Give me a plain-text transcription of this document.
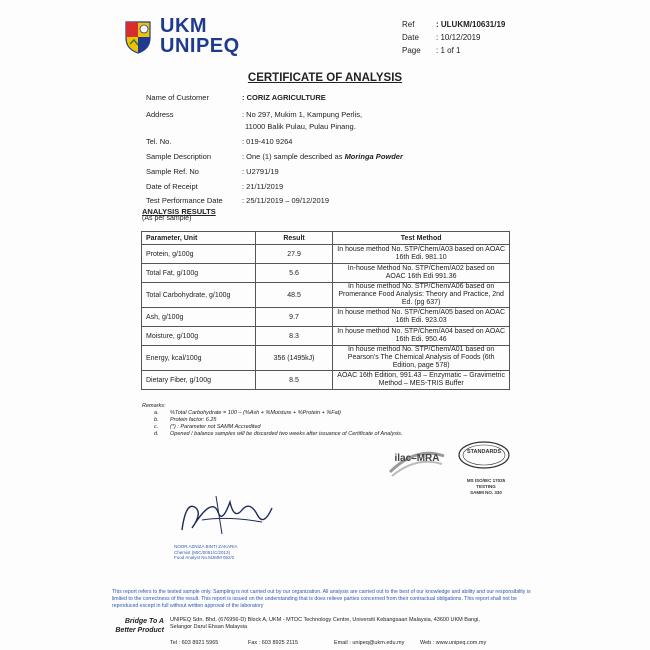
UKM
UNIPEQ
Ref	: ULUKM/10631/19
Date	: 10/12/2019
Page	: 1 of 1
CERTIFICATE OF ANALYSIS
Name of Customer	: CORIZ AGRICULTURE
Address	: No 297, Mukim 1, Kampung Perlis,
11000 Balik Pulau, Pulau Pinang.
Tel. No.	: 019-410 9264
Sample Description	: One (1) sample described as Moringa Powder
Sample Ref. No	: U2791/19
Date of Receipt	: 21/11/2019
Test Performance Date	: 25/11/2019 – 09/12/2019
ANALYSIS RESULTS
(As per sample)
Parameter, Unit	Result	Test Method
Protein, g/100g	27.9	In house method No. STP/Chem/A03 based on AOAC 16th Edi. 981.10
Total Fat, g/100g	5.6	In-house Method No. STP/Chem/A02 based on AOAC 16th Edi 991.36
Total Carbohydrate, g/100g	48.5	In house method No. STP/Chem/A06 based on Promerance Food Analysis: Theory and Practice, 2nd Ed. (pg 637)
Ash, g/100g	9.7	In house method No. STP/Chem/A05 based on AOAC 16th Edi. 923.03
Moisture, g/100g	8.3	In house method No. STP/Chem/A04 based on AOAC 16th Edi. 950.46
Energy, kcal/100g	356 (1495kJ)	In house method No. STP/Chem/A01 based on Pearson's The Chemical Analysis of Foods (6th Edition, page 578)
Dietary Fiber, g/100g	8.5	AOAC 16th Edition, 991.43 – Enzymatic – Gravimetric Method – MES-TRIS Buffer
Remarks:
a.	%Total Carbohydrate = 100 – (%Ash + %Moisture + %Protein + %Fat)
b.	Protein factor: 6.25
c.	(*) : Parameter not SAMM Accredited
d.	Opened / balance samples will be discarded two weeks after issuance of Certificate of Analysis.
ilac–MRA
STANDARDS
MS ISO/IEC 17025
TESTING
SAMM NO. 330
NOOR AZNIZA BINTI ZAKARIA
Chemist (MIC/0051/C/2013)
Food Analyst No.MJMM 062/2
This report refers to the tested sample only. Sampling is not carried out by our organization. All analysis are carried out to the best of our knowledge and ability and our responsibility is limited to the correctness of the result. This report is issued on the understanding that is does relieve parties concerned from their contractual obligations. This report shall not be reproduced except in full without written approval of the laboratory
Bridge To A
Better Product
UNIPEQ Sdn. Bhd. (676956-D) Block A, UKM - MTDC Technology Centre, Universiti Kebangsaan Malaysia, 43600 UKM Bangi,
Selangor Darul Ehsan Malaysia
Tel : 603 8921 5965	Fax : 603 8925 2115	Email : unipeq@ukm.edu.my	Web : www.unipeq.com.my
